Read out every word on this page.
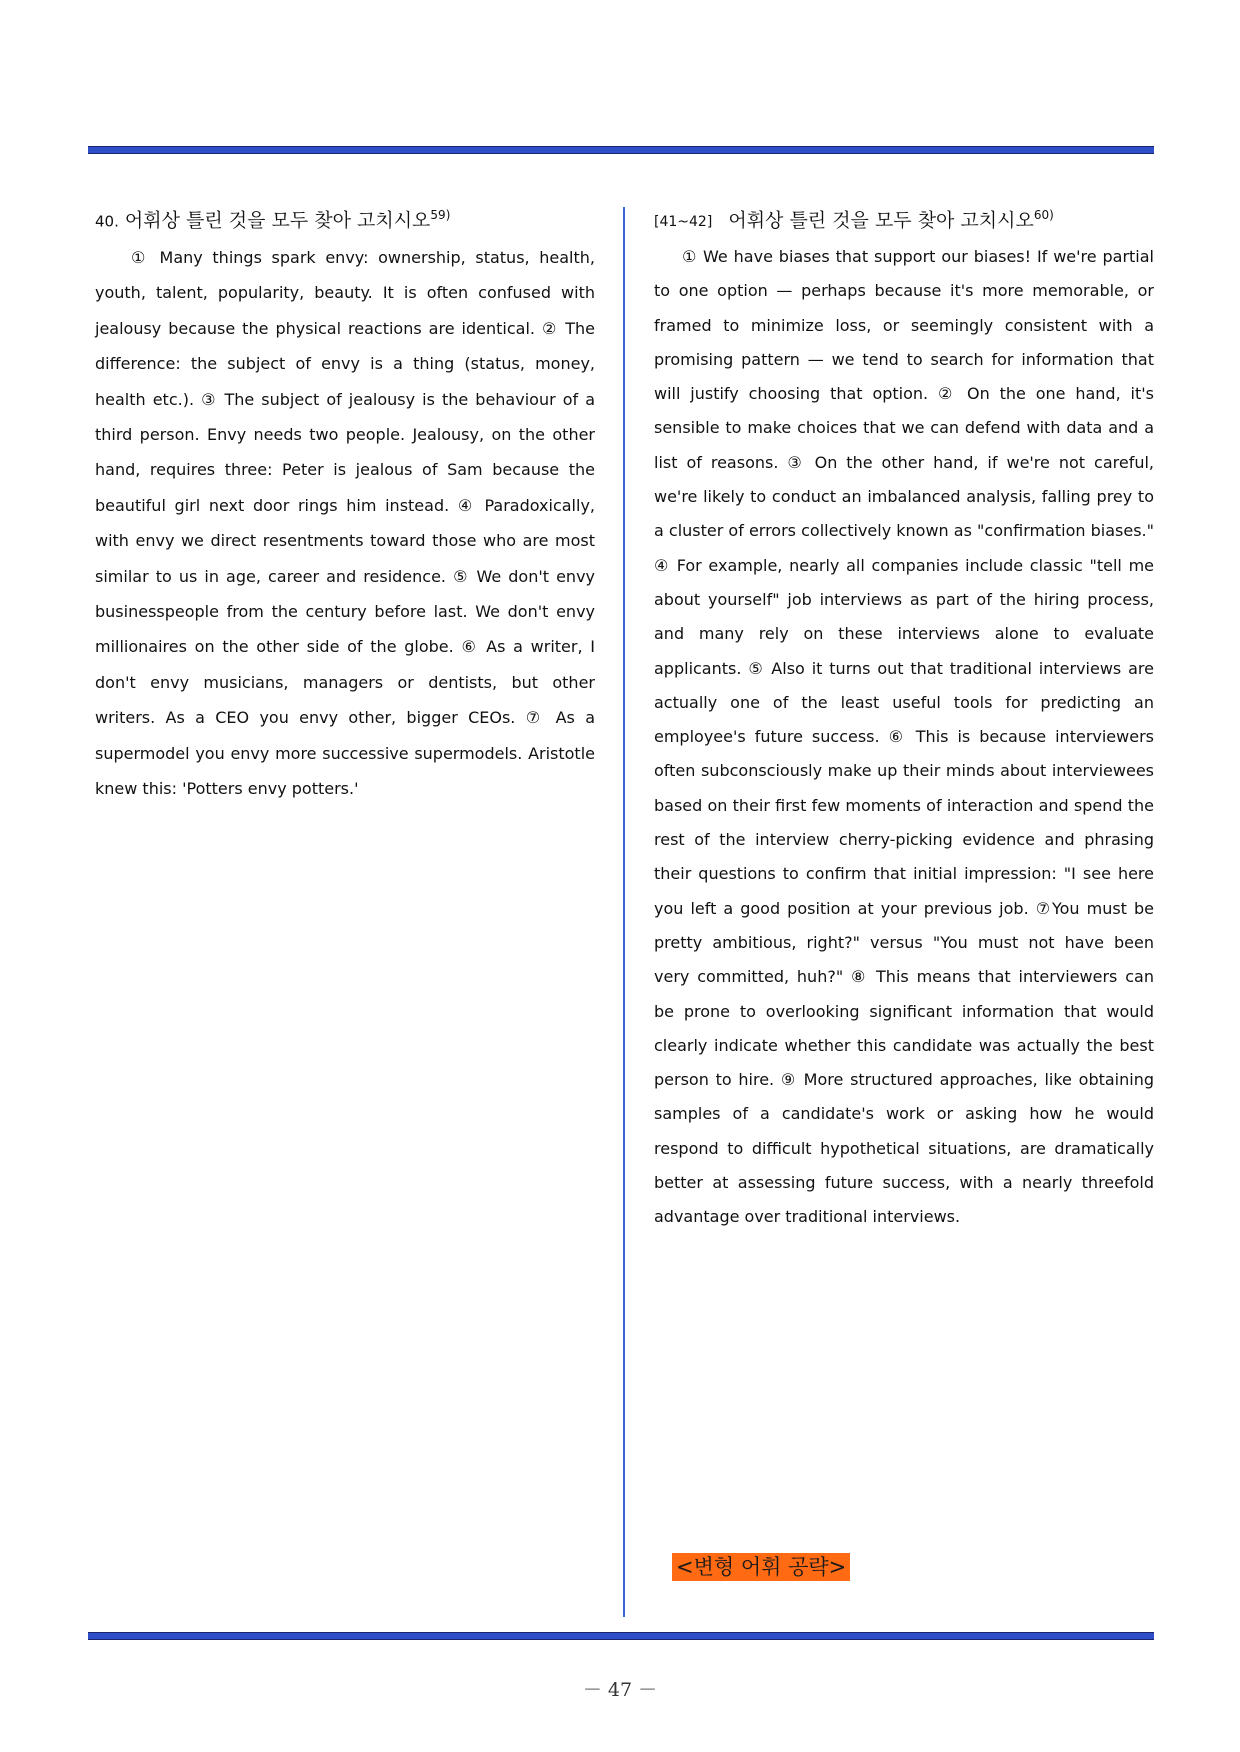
40. 어휘상 틀린 것을 모두 찾아 고치시오$^{59)}$

① Many things spark envy: ownership, status, health, youth, talent, popularity, beauty. It is often confused with jealousy because the physical reactions are identical. ② The difference: the subject of envy is a thing (status, money, health etc.). ③ The subject of jealousy is the behaviour of a third person. Envy needs two people. Jealousy, on the other hand, requires three: Peter is jealous of Sam because the beautiful girl next door rings him instead. ④ Paradoxically, with envy we direct resentments toward those who are most similar to us in age, career and residence. ⑤ We don't envy businesspeople from the century before last. We don't envy millionaires on the other side of the globe. ⑥ As a writer, I don't envy musicians, managers or dentists, but other writers. As a CEO you envy other, bigger CEOs. ⑦ As a supermodel you envy more successive supermodels. Aristotle knew this: 'Potters envy potters.'

[41~42] 어휘상 틀린 것을 모두 찾아 고치시오$^{60)}$

① We have biases that support our biases! If we're partial to one option — perhaps because it's more memorable, or framed to minimize loss, or seemingly consistent with a promising pattern — we tend to search for information that will justify choosing that option. ② On the one hand, it's sensible to make choices that we can defend with data and a list of reasons. ③ On the other hand, if we're not careful, we're likely to conduct an imbalanced analysis, falling prey to a cluster of errors collectively known as "confirmation biases." ④ For example, nearly all companies include classic "tell me about yourself" job interviews as part of the hiring process, and many rely on these interviews alone to evaluate applicants. ⑤ Also it turns out that traditional interviews are actually one of the least useful tools for predicting an employee's future success. ⑥ This is because interviewers often subconsciously make up their minds about interviewees based on their first few moments of interaction and spend the rest of the interview cherry-picking evidence and phrasing their questions to confirm that initial impression: "I see here you left a good position at your previous job. ⑦You must be pretty ambitious, right?" versus "You must not have been very committed, huh?" ⑧ This means that interviewers can be prone to overlooking significant information that would clearly indicate whether this candidate was actually the best person to hire. ⑨ More structured approaches, like obtaining samples of a candidate's work or asking how he would respond to difficult hypothetical situations, are dramatically better at assessing future success, with a nearly threefold advantage over traditional interviews.

<변형 어휘 공략>
－ 47 －
